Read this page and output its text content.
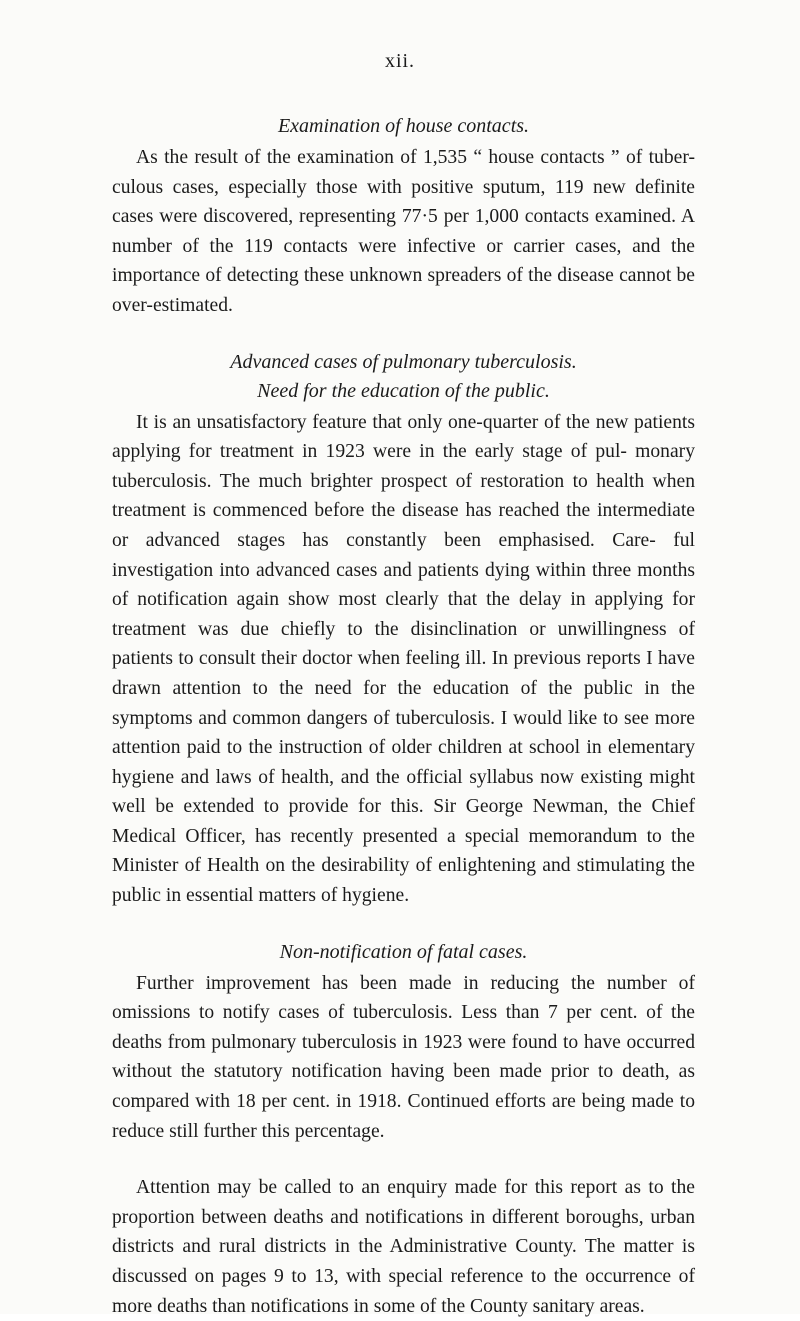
xii.

Examination of house contacts.

As the result of the examination of 1,535 “ house contacts ” of tuber- culous cases, especially those with positive sputum, 119 new definite cases were discovered, representing 77·5 per 1,000 contacts examined. A number of the 119 contacts were infective or carrier cases, and the importance of detecting these unknown spreaders of the disease cannot be over-estimated.

Advanced cases of pulmonary tuberculosis.

Need for the education of the public.

It is an unsatisfactory feature that only one-quarter of the new patients applying for treatment in 1923 were in the early stage of pul- monary tuberculosis. The much brighter prospect of restoration to health when treatment is commenced before the disease has reached the intermediate or advanced stages has constantly been emphasised. Care- ful investigation into advanced cases and patients dying within three months of notification again show most clearly that the delay in applying for treatment was due chiefly to the disinclination or unwillingness of patients to consult their doctor when feeling ill. In previous reports I have drawn attention to the need for the education of the public in the symptoms and common dangers of tuberculosis. I would like to see more attention paid to the instruction of older children at school in elementary hygiene and laws of health, and the official syllabus now existing might well be extended to provide for this. Sir George Newman, the Chief Medical Officer, has recently presented a special memorandum to the Minister of Health on the desirability of enlightening and stimulating the public in essential matters of hygiene.

Non-notification of fatal cases.

Further improvement has been made in reducing the number of omissions to notify cases of tuberculosis. Less than 7 per cent. of the deaths from pulmonary tuberculosis in 1923 were found to have occurred without the statutory notification having been made prior to death, as compared with 18 per cent. in 1918. Continued efforts are being made to reduce still further this percentage.

Attention may be called to an enquiry made for this report as to the proportion between deaths and notifications in different boroughs, urban districts and rural districts in the Administrative County. The matter is discussed on pages 9 to 13, with special reference to the occurrence of more deaths than notifications in some of the County sanitary areas.
